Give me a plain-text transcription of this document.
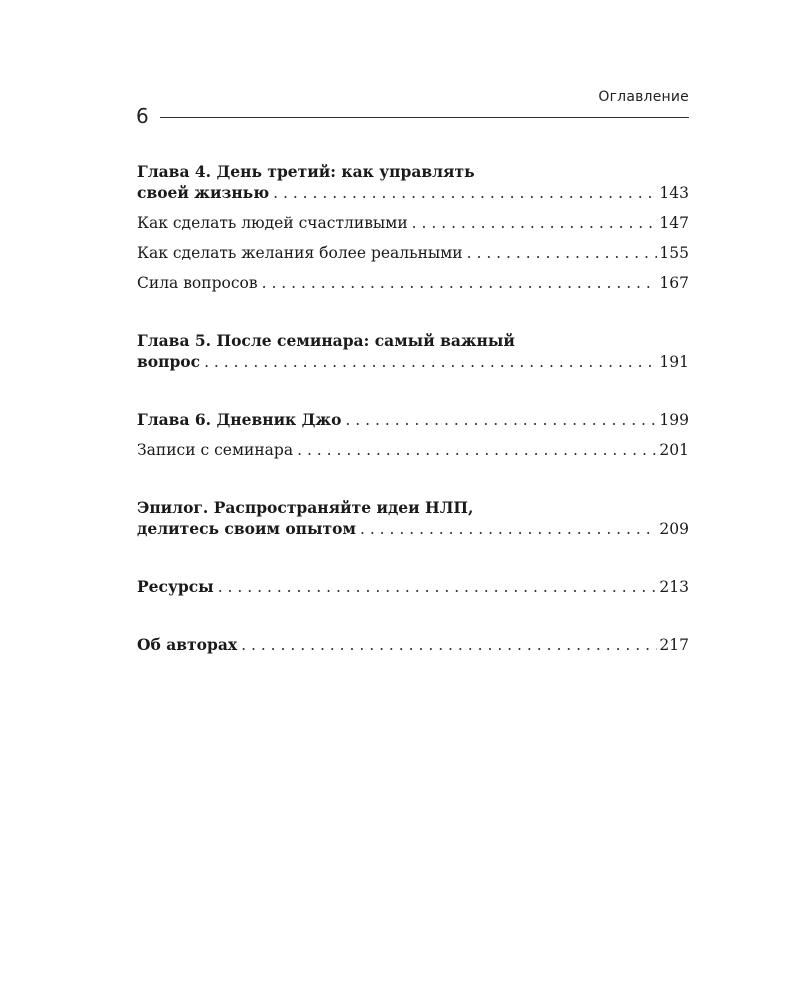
Оглавление
6
Глава 4. День третий: как управлять
своей жизнью . . .	143
Как сделать людей счастливыми . . .	147
Как сделать желания более реальными . . .	155
Сила вопросов . . .	167
Глава 5. После семинара: самый важный
вопрос . . .	191
Глава 6. Дневник Джо . . .	199
Записи с семинара . . .	201
Эпилог. Распространяйте идеи НЛП,
делитесь своим опытом . . .	209
Ресурсы . . .	213
Об авторах . . .	217
